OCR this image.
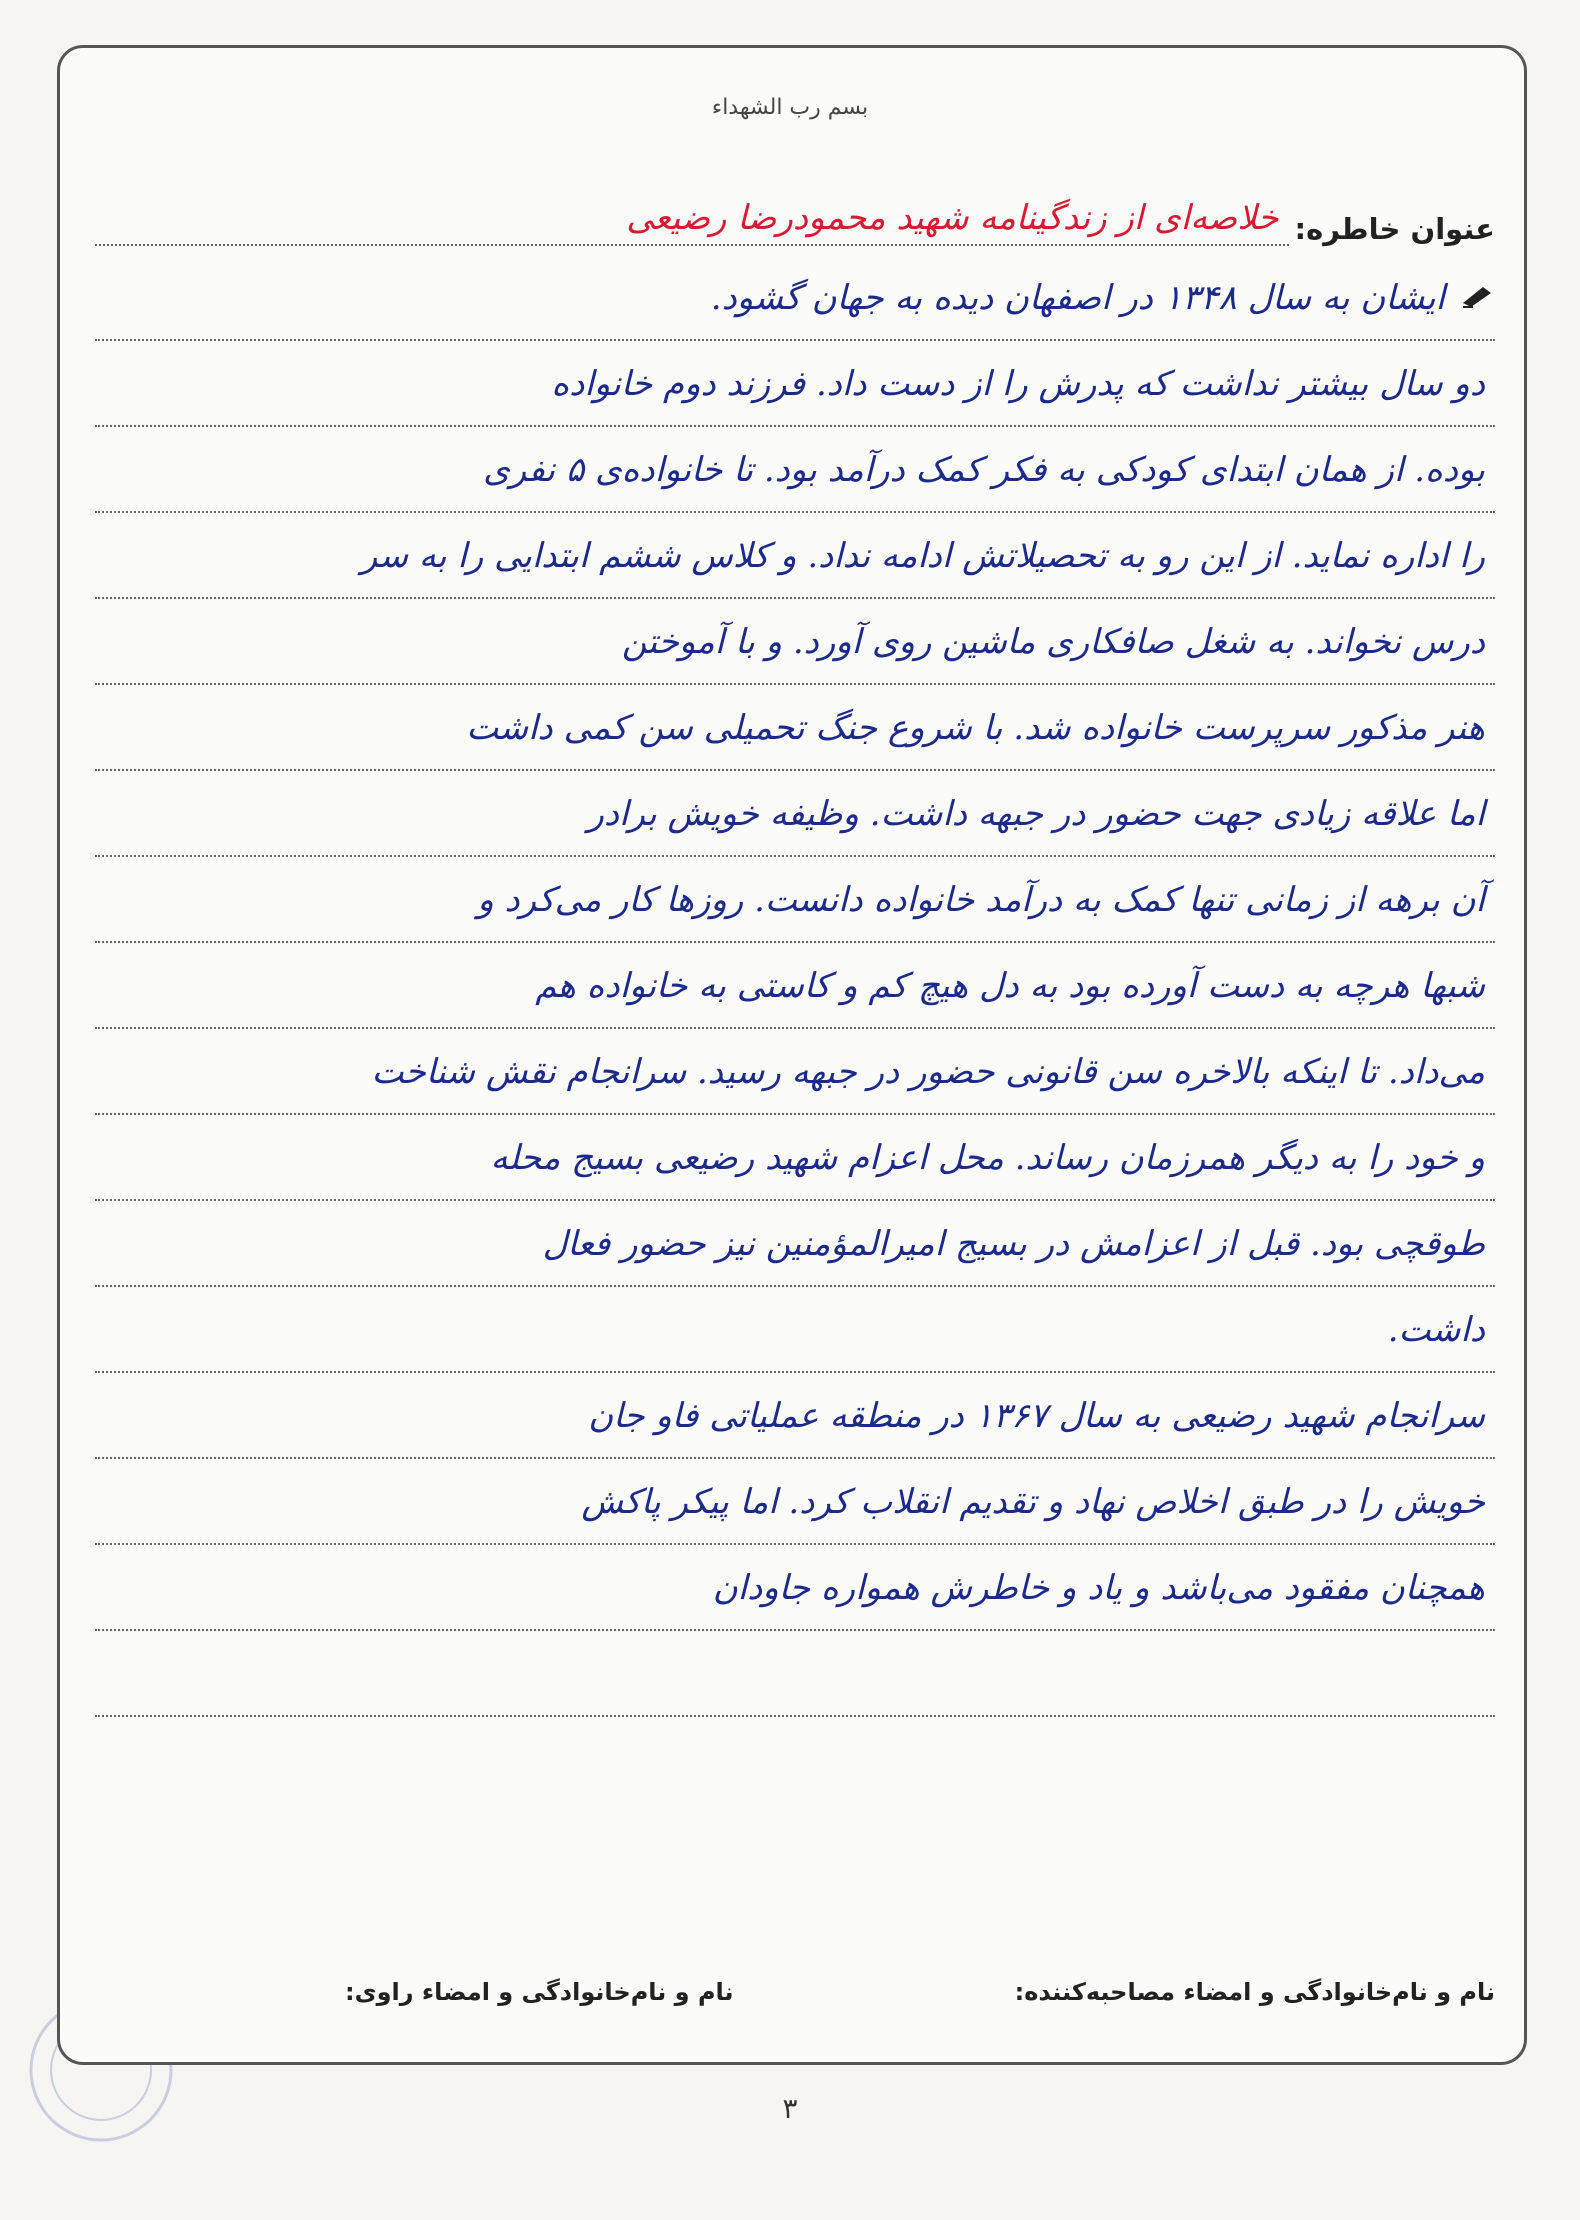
بسم رب الشهداء
عنوان خاطره:
خلاصه‌ای از زندگینامه شهید محمودرضا رضیعی
ایشان به سال ۱۳۴۸ در اصفهان دیده به جهان گشود.
دو سال بیشتر نداشت که پدرش را از دست داد. فرزند دوم خانواده
بوده. از همان ابتدای کودکی به فکر کمک درآمد بود. تا خانواده‌ی ۵ نفری
را اداره نماید. از این رو به تحصیلاتش ادامه نداد. و کلاس ششم ابتدایی را به سر
درس نخواند. به شغل صافکاری ماشین روی آورد. و با آموختن
هنر مذکور سرپرست خانواده شد. با شروع جنگ تحمیلی سن کمی داشت
اما علاقه زیادی جهت حضور در جبهه داشت. وظیفه خویش برادر
آن برهه از زمانی تنها کمک به درآمد خانواده دانست. روزها کار می‌کرد و
شبها هرچه به دست آورده بود به دل هیچ کم و کاستی به خانواده هم
می‌داد. تا اینکه بالاخره سن قانونی حضور در جبهه رسید. سرانجام نقش شناخت
و خود را به دیگر همرزمان رساند. محل اعزام شهید رضیعی بسیج محله
طوقچی بود. قبل از اعزامش در بسیج امیرالمؤمنین نیز حضور فعال
داشت.
سرانجام شهید رضیعی به سال ۱۳۶۷ در منطقه عملیاتی فاو جان
خویش را در طبق اخلاص نهاد و تقدیم انقلاب کرد. اما پیکر پاکش
همچنان مفقود می‌باشد و یاد و خاطرش همواره جاودان
نام و نام‌خانوادگی و امضاء مصاحبه‌کننده:
نام و نام‌خانوادگی و امضاء راوی:
۳
